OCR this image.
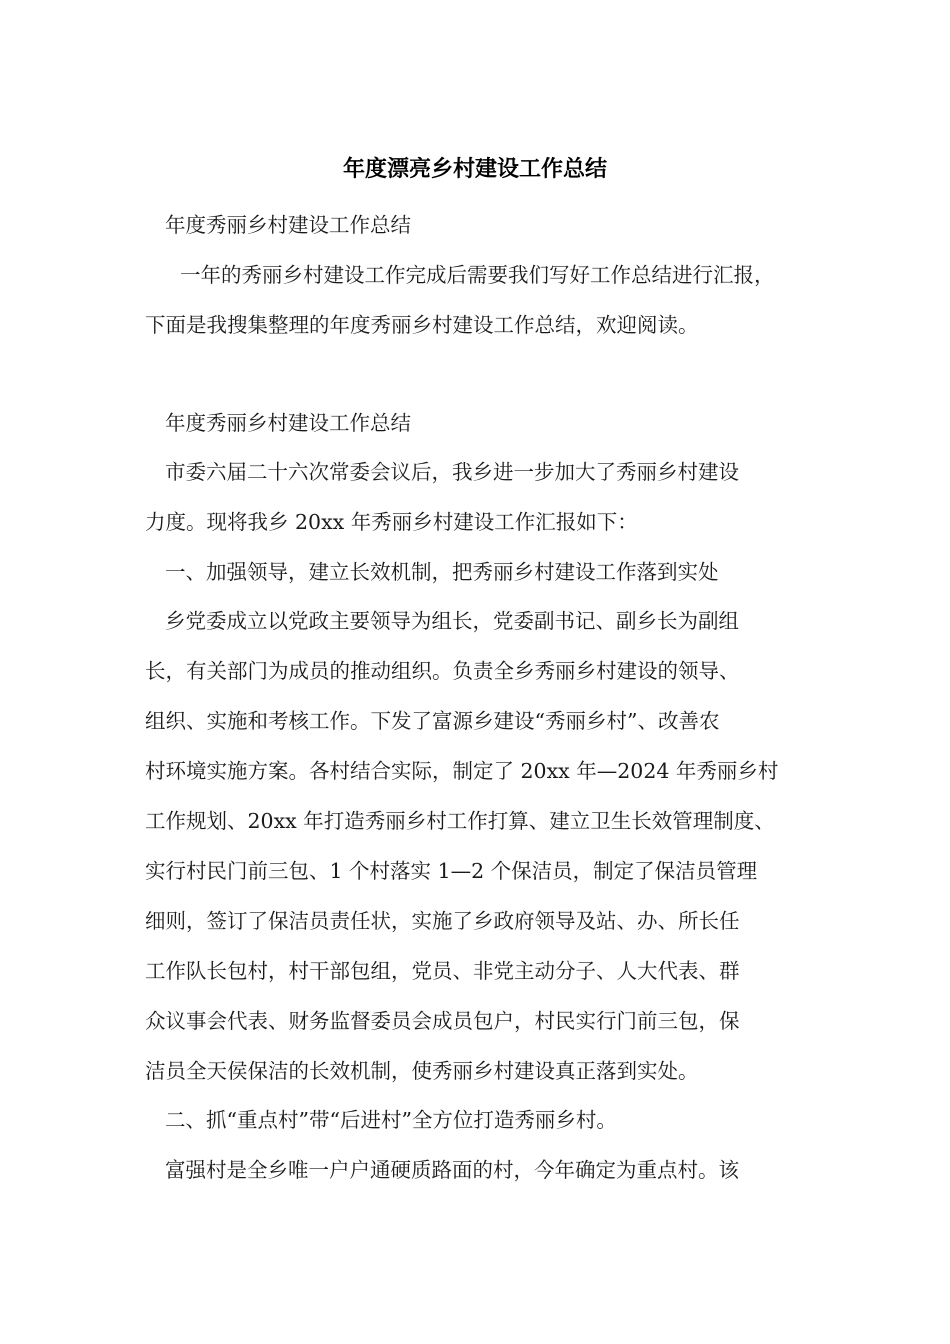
年度漂亮乡村建设工作总结
年度秀丽乡村建设工作总结
一年的秀丽乡村建设工作完成后需要我们写好工作总结进行汇报，
下面是我搜集整理的年度秀丽乡村建设工作总结，欢迎阅读。
年度秀丽乡村建设工作总结
市委六届二十六次常委会议后，我乡进一步加大了秀丽乡村建设
力度。现将我乡 20xx 年秀丽乡村建设工作汇报如下：
一、加强领导，建立长效机制，把秀丽乡村建设工作落到实处
乡党委成立以党政主要领导为组长，党委副书记、副乡长为副组
长，有关部门为成员的推动组织。负责全乡秀丽乡村建设的领导、
组织、实施和考核工作。下发了富源乡建设“秀丽乡村”、改善农
村环境实施方案。各村结合实际，制定了 20xx 年—2024 年秀丽乡村
工作规划、20xx 年打造秀丽乡村工作打算、建立卫生长效管理制度、
实行村民门前三包、1 个村落实 1—2 个保洁员，制定了保洁员管理
细则，签订了保洁员责任状，实施了乡政府领导及站、办、所长任
工作队长包村，村干部包组，党员、非党主动分子、人大代表、群
众议事会代表、财务监督委员会成员包户，村民实行门前三包，保
洁员全天侯保洁的长效机制，使秀丽乡村建设真正落到实处。
二、抓“重点村”带“后进村”全方位打造秀丽乡村。
富强村是全乡唯一户户通硬质路面的村，今年确定为重点村。该
